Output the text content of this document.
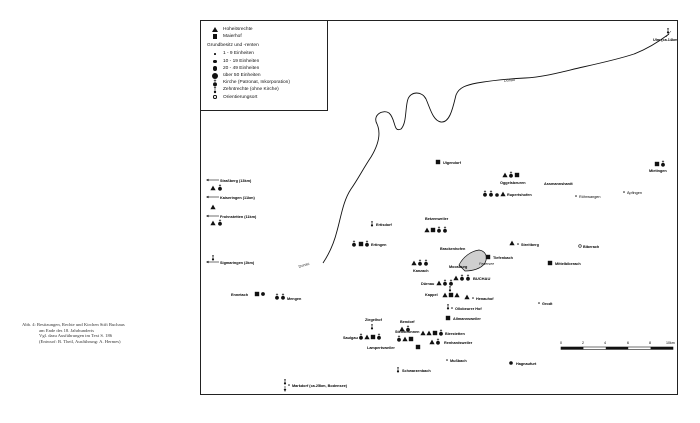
Abb. 4: Besitzungen, Rechte und Kirchen Stift Buchaus
am Ende des 18. Jahrhunderts
Vgl. dazu Ausführungen im Text S. 186
(Entwurf: B. Theil, Ausführung: A. Hermes)
Donau
Donau	Federsee
Ulm (ca.14km)
Uigendorf
Oggelsbeuren
Rupertshofen
Mietingen
Äpfingen
Assmannshardt
Röhrwangen
Straßberg (13km)
Kaiseringen (11km)
Frohnstetten (11km)
Sigmaringen (2km)
Ertisdorf
Betzenweiler
Ertingen	Streitberg	Biberach
Brackenhofen
Tiefenbach
Kanzach
Moosburg
Mittelbiberach
BUCHAU
Dürnau
Kappel
Henauhof
Ennetach
Mengen
Ollobeurer Hof
Grodt
Ziegelhof	Bendorf
Allmannsweiler
Saulgau
Steinbronnen	Bierstetten
Renhardsweiler
Lampertsweiler
Mußbach
Hagnaufurt
Schwarzenbach
Markdorf (ca.25km, Bodensee)
0	2	4	6	8	10km
Hoheitsrechte
Maierhof
Grundbesitz und -renten
1 - 9 Einheiten
10 - 19 Einheiten
20 - 49 Einheiten
über 50 Einheiten
Kirche (Patronat, Inkorporation)
Zehntrechte (ohne Kirche)
Orientierungsort
